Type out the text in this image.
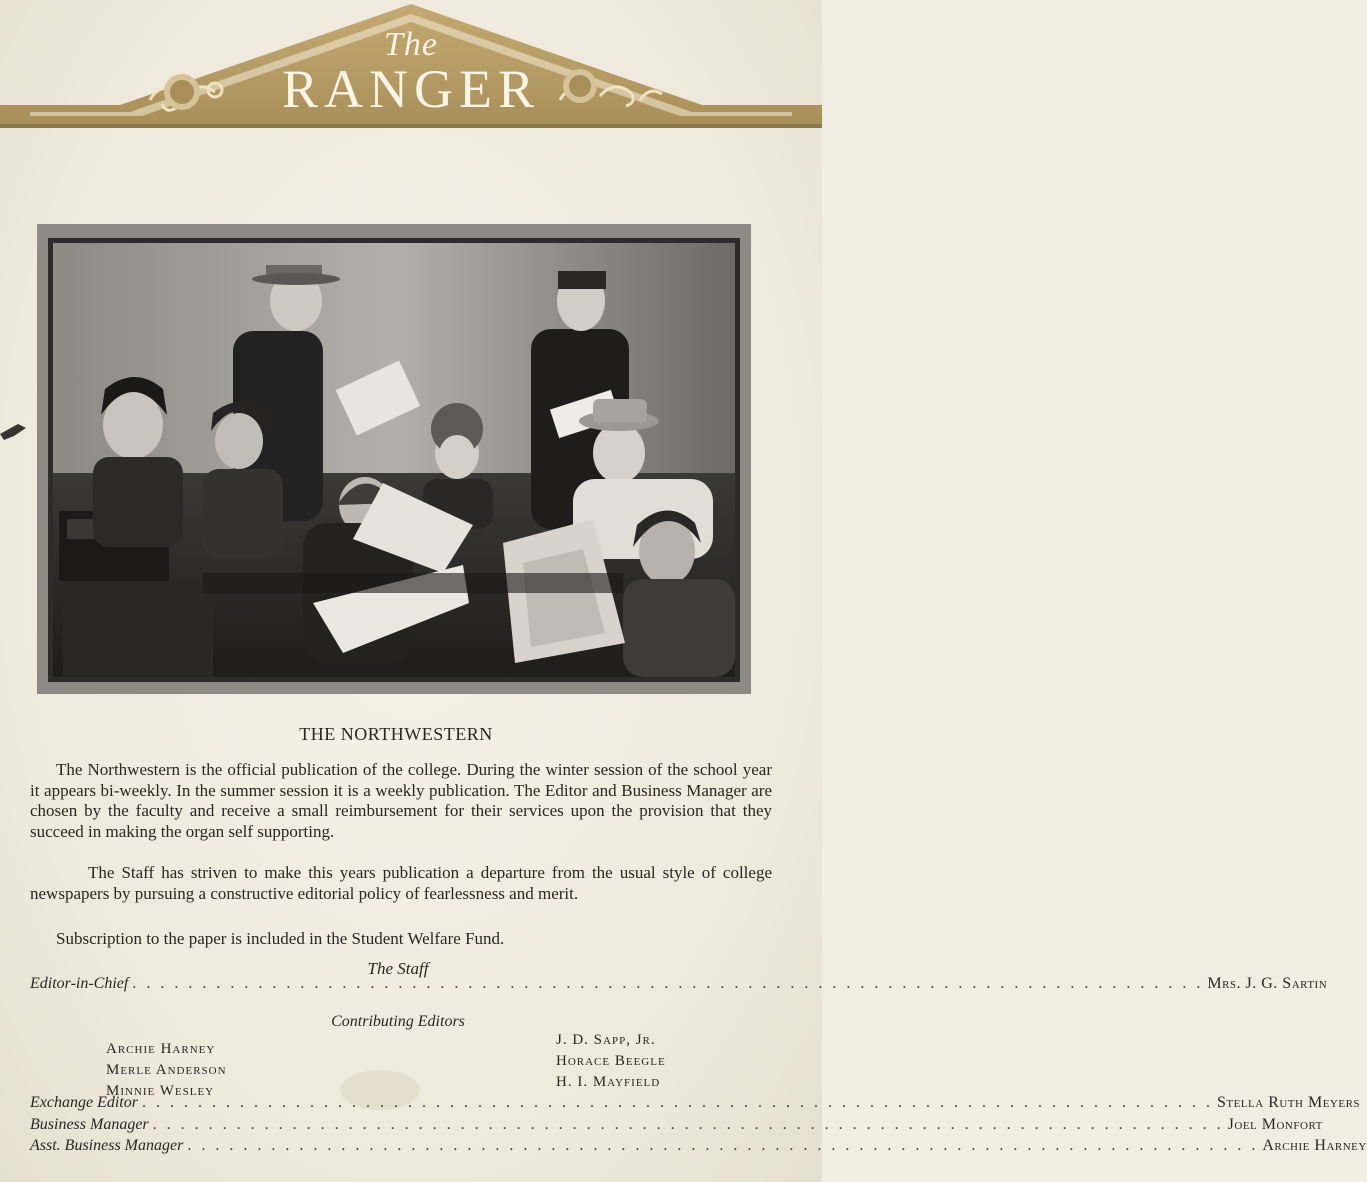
The
RANGER
THE NORTHWESTERN
The Northwestern is the official publication of the college. During the winter session of the school year it appears bi-weekly. In the summer session it is a weekly publication. The Editor and Business Manager are chosen by the faculty and receive a small reimbursement for their services upon the provision that they succeed in making the organ self supporting.
The Staff has striven to make this years publication a departure from the usual style of college newspapers by pursuing a constructive editorial policy of fearlessness and merit.
Subscription to the paper is included in the Student Welfare Fund.
The Staff
Editor-in-Chief . . . . . . . . . . . . . . . . . . . . . . . . . . . . . . . . . . . . . . . . . . . . . . . . . . . . . . . . . . . . . . . . . . . . . . . . . . . . . Mrs. J. G. Sartin
Contributing Editors
Archie Harney
Merle Anderson
Minnie Wesley
J. D. Sapp, Jr.
Horace Beegle
H. I. Mayfield
Exchange Editor . . . . . . . . . . . . . . . . . . . . . . . . . . . . . . . . . . . . . . . . . . . . . . . . . . . . . . . . . . . . . . . . . . . . . . . . . . . . . Stella Ruth Meyers
Business Manager . . . . . . . . . . . . . . . . . . . . . . . . . . . . . . . . . . . . . . . . . . . . . . . . . . . . . . . . . . . . . . . . . . . . . . . . . . . . . Joel Monfort
Asst. Business Manager . . . . . . . . . . . . . . . . . . . . . . . . . . . . . . . . . . . . . . . . . . . . . . . . . . . . . . . . . . . . . . . . . . . . . . . . . . . . . Archie Harney
